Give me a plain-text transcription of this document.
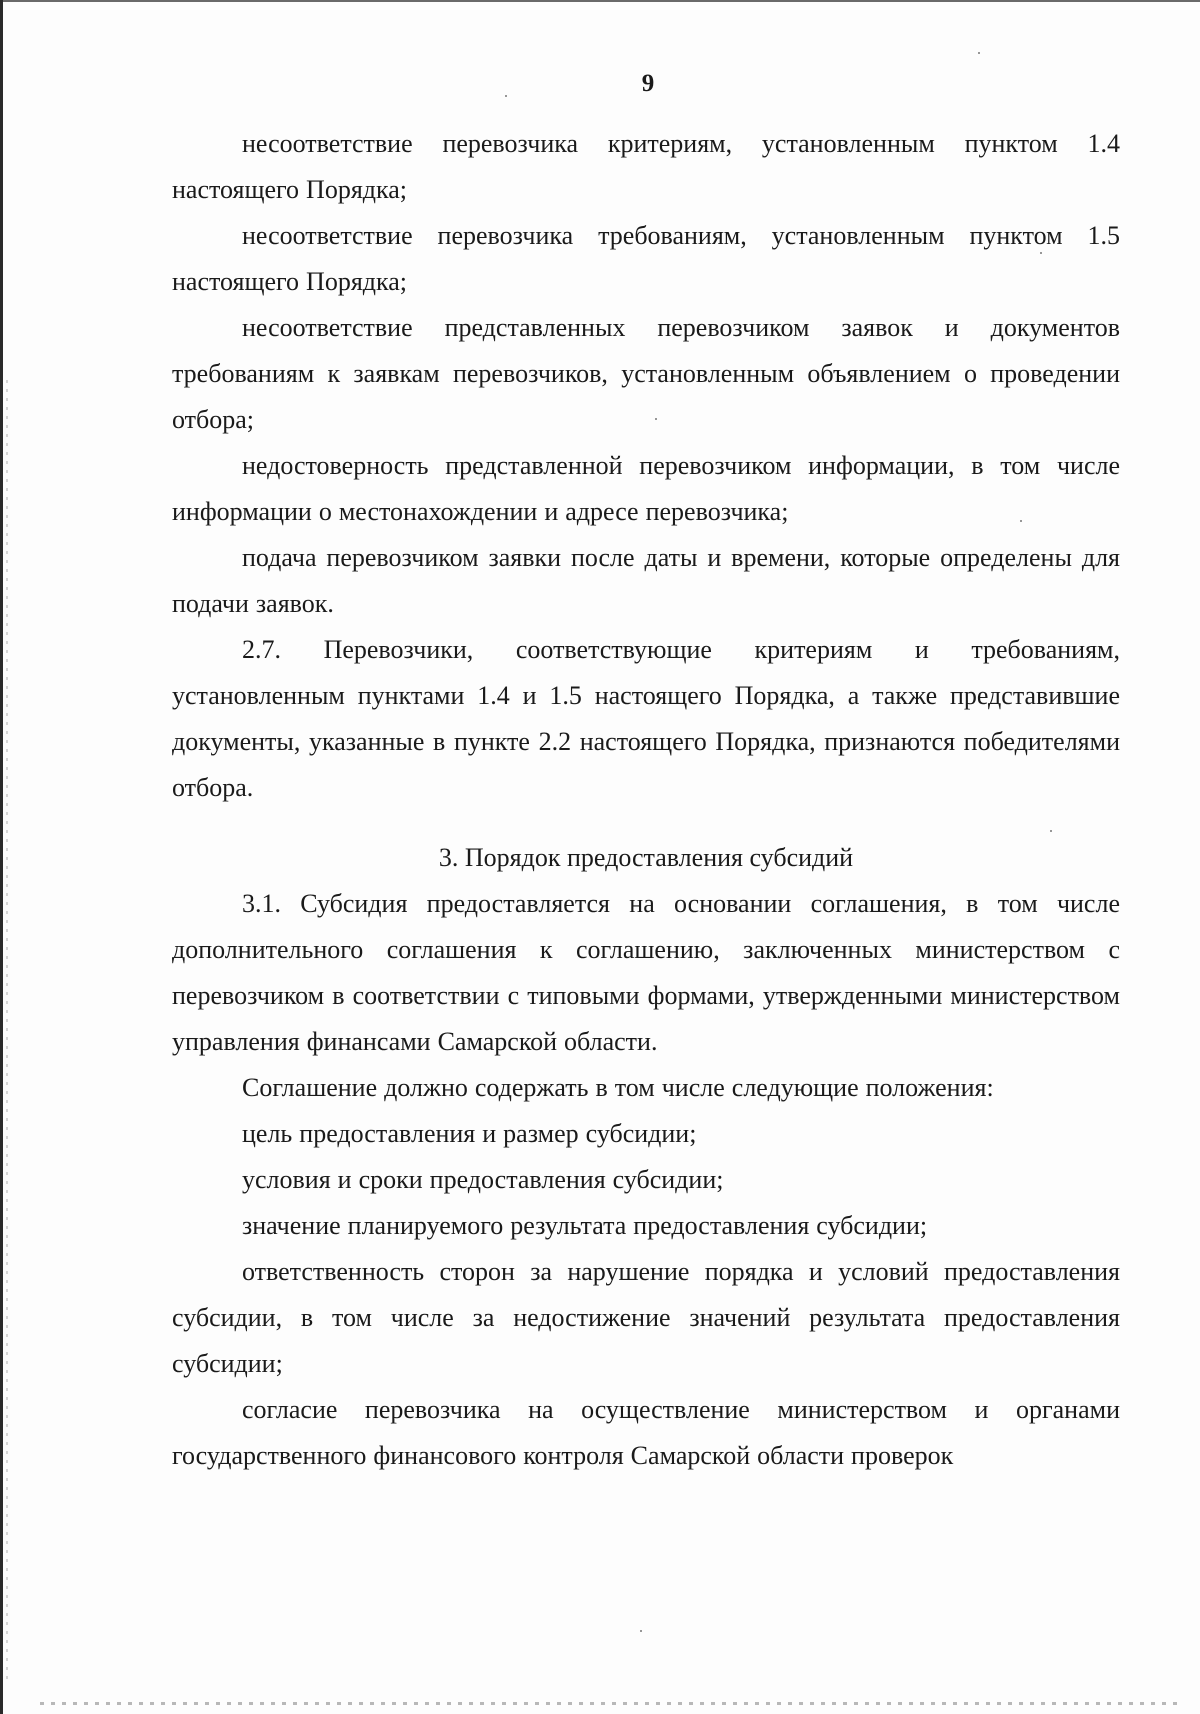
9

несоответствие перевозчика критериям, установленным пунктом 1.4 настоящего Порядка;

несоответствие перевозчика требованиям, установленным пунктом 1.5 настоящего Порядка;

несоответствие представленных перевозчиком заявок и документов требованиям к заявкам перевозчиков, установленным объявлением о проведении отбора;

недостоверность представленной перевозчиком информации, в том числе информации о местонахождении и адресе перевозчика;

подача перевозчиком заявки после даты и времени, которые определены для подачи заявок.

2.7. Перевозчики, соответствующие критериям и требованиям, установленным пунктами 1.4 и 1.5 настоящего Порядка, а также представившие документы, указанные в пункте 2.2 настоящего Порядка, признаются победителями отбора.

3. Порядок предоставления субсидий

3.1. Субсидия предоставляется на основании соглашения, в том числе дополнительного соглашения к соглашению, заключенных министерством с перевозчиком в соответствии с типовыми формами, утвержденными министерством управления финансами Самарской области.

Соглашение должно содержать в том числе следующие положения:

цель предоставления и размер субсидии;

условия и сроки предоставления субсидии;

значение планируемого результата предоставления субсидии;

ответственность сторон за нарушение порядка и условий предоставления субсидии, в том числе за недостижение значений результата предоставления субсидии;

согласие перевозчика на осуществление министерством и органами государственного финансового контроля Самарской области проверок
